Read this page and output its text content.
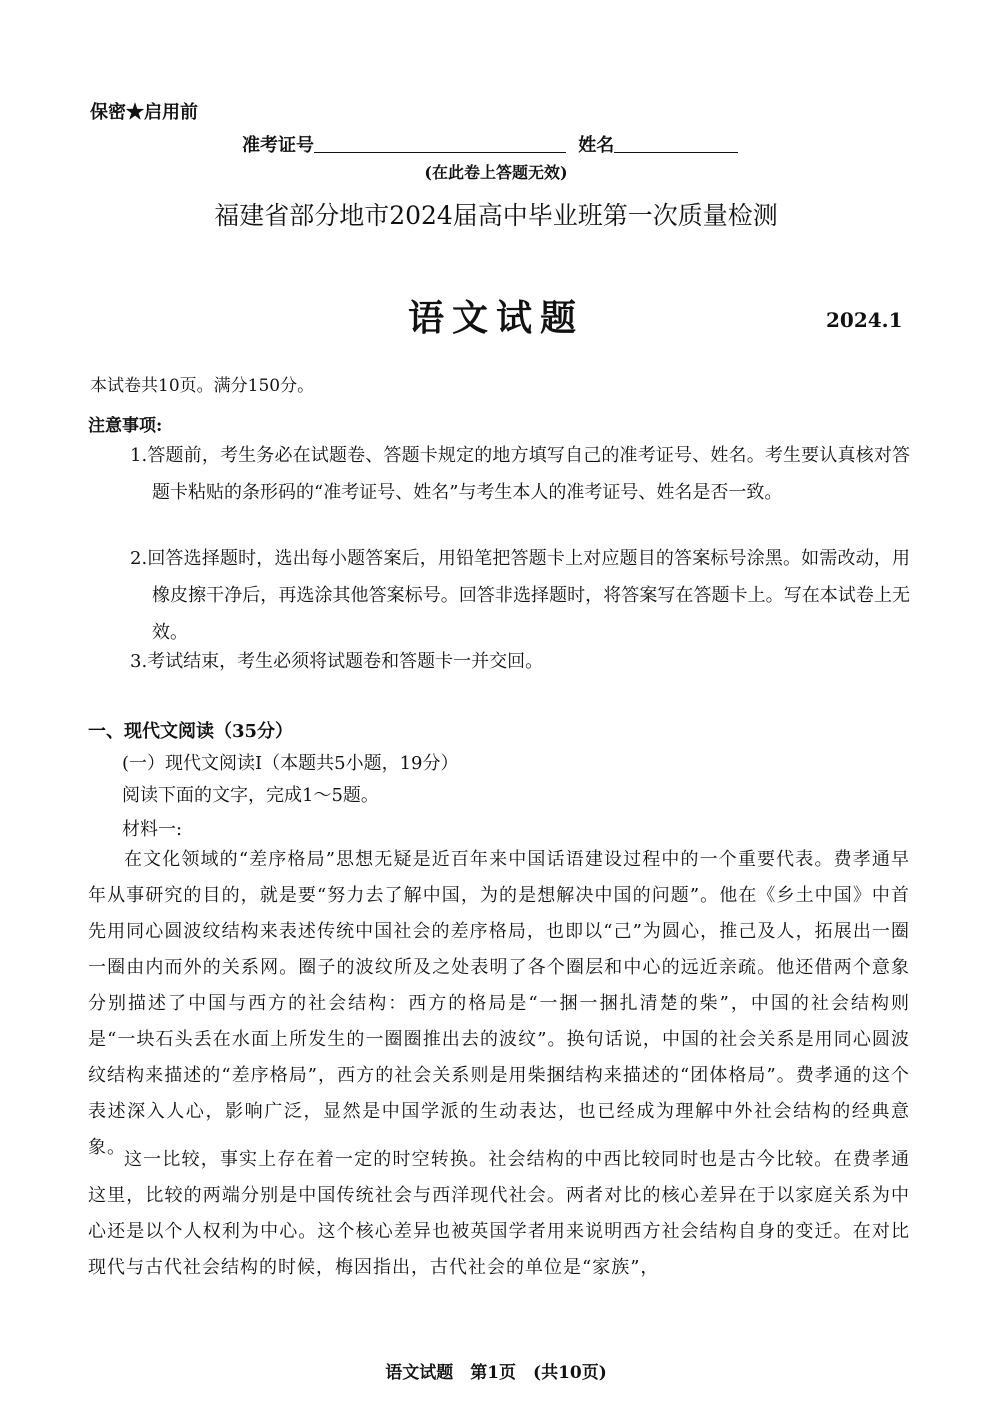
保密★启用前
准考证号	姓名
(在此卷上答题无效)
福建省部分地市2024届高中毕业班第一次质量检测
语文试题	2024.1
本试卷共10页。满分150分。
注意事项:
1.答题前，考生务必在试题卷、答题卡规定的地方填写自己的准考证号、姓名。考生要认真核对答题卡粘贴的条形码的“准考证号、姓名”与考生本人的准考证号、姓名是否一致。
2.回答选择题时，选出每小题答案后，用铅笔把答题卡上对应题目的答案标号涂黑。如需改动，用橡皮擦干净后，再选涂其他答案标号。回答非选择题时，将答案写在答题卡上。写在本试卷上无效。
3.考试结束，考生必须将试题卷和答题卡一并交回。
一、现代文阅读（35分）
(一）现代文阅读Ⅰ（本题共5小题，19分）
阅读下面的文字，完成1～5题。
材料一:
在文化领域的“差序格局”思想无疑是近百年来中国话语建设过程中的一个重要代表。费孝通早年从事研究的目的，就是要“努力去了解中国，为的是想解决中国的问题”。他在《乡土中国》中首先用同心圆波纹结构来表述传统中国社会的差序格局，也即以“己”为圆心，推己及人，拓展出一圈一圈由内而外的关系网。圈子的波纹所及之处表明了各个圈层和中心的远近亲疏。他还借两个意象分别描述了中国与西方的社会结构：西方的格局是“一捆一捆扎清楚的柴”，中国的社会结构则是“一块石头丢在水面上所发生的一圈圈推出去的波纹”。换句话说，中国的社会关系是用同心圆波纹结构来描述的“差序格局”，西方的社会关系则是用柴捆结构来描述的“团体格局”。费孝通的这个表述深入人心，影响广泛，显然是中国学派的生动表达，也已经成为理解中外社会结构的经典意象。
这一比较，事实上存在着一定的时空转换。社会结构的中西比较同时也是古今比较。在费孝通这里，比较的两端分别是中国传统社会与西洋现代社会。两者对比的核心差异在于以家庭关系为中心还是以个人权利为中心。这个核心差异也被英国学者用来说明西方社会结构自身的变迁。在对比现代与古代社会结构的时候，梅因指出，古代社会的单位是“家族”，
语文试题　第1页　(共10页)
